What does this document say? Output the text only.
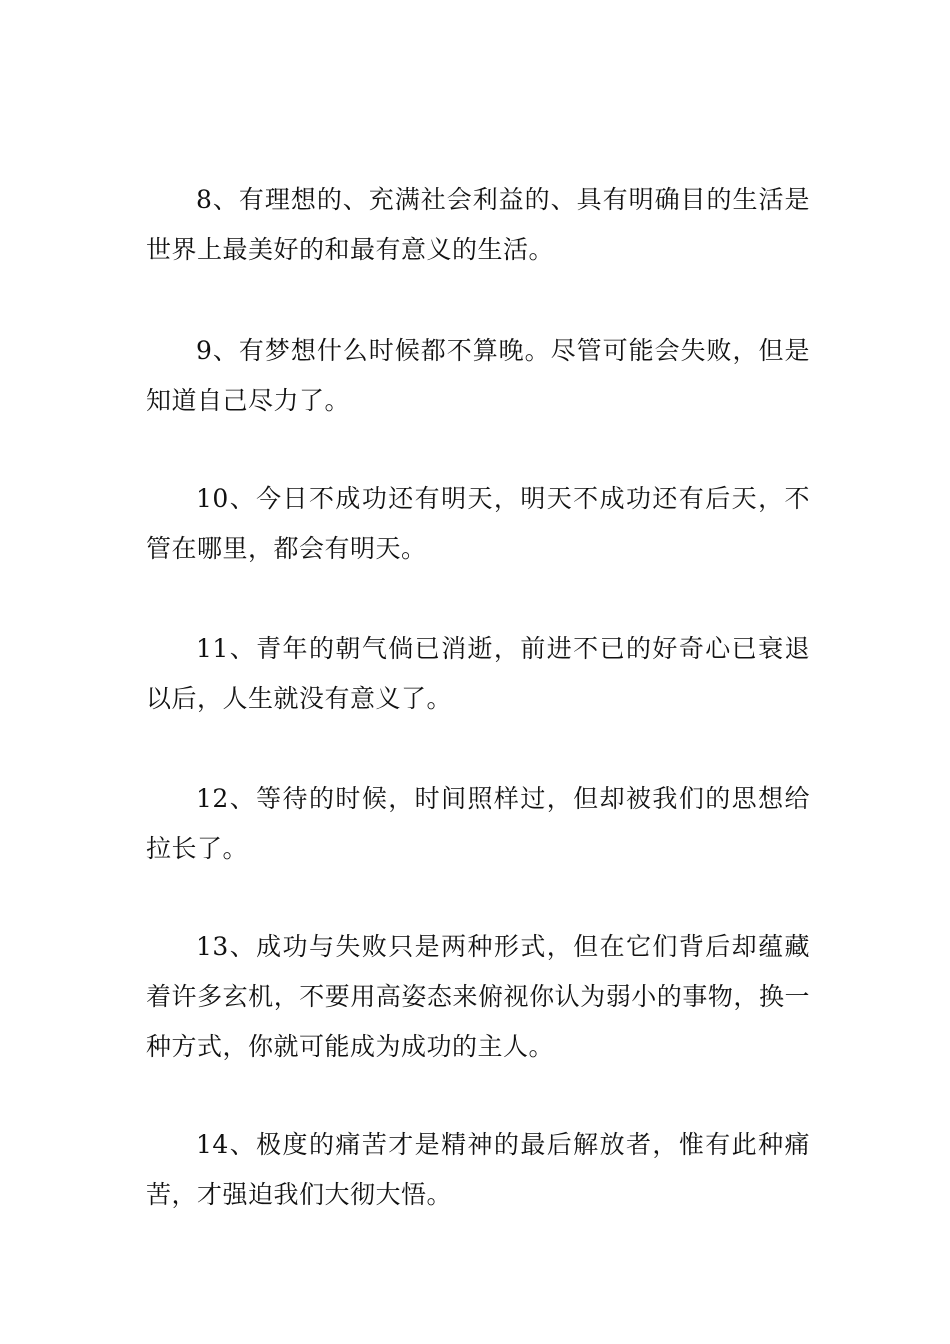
8、有理想的、充满社会利益的、具有明确目的生活是世界上最美好的和最有意义的生活。

9、有梦想什么时候都不算晚。尽管可能会失败，但是知道自己尽力了。

10、今日不成功还有明天，明天不成功还有后天，不管在哪里，都会有明天。

11、青年的朝气倘已消逝，前进不已的好奇心已衰退以后，人生就没有意义了。

12、等待的时候，时间照样过，但却被我们的思想给拉长了。

13、成功与失败只是两种形式，但在它们背后却蕴藏着许多玄机，不要用高姿态来俯视你认为弱小的事物，换一种方式，你就可能成为成功的主人。

14、极度的痛苦才是精神的最后解放者，惟有此种痛苦，才强迫我们大彻大悟。
